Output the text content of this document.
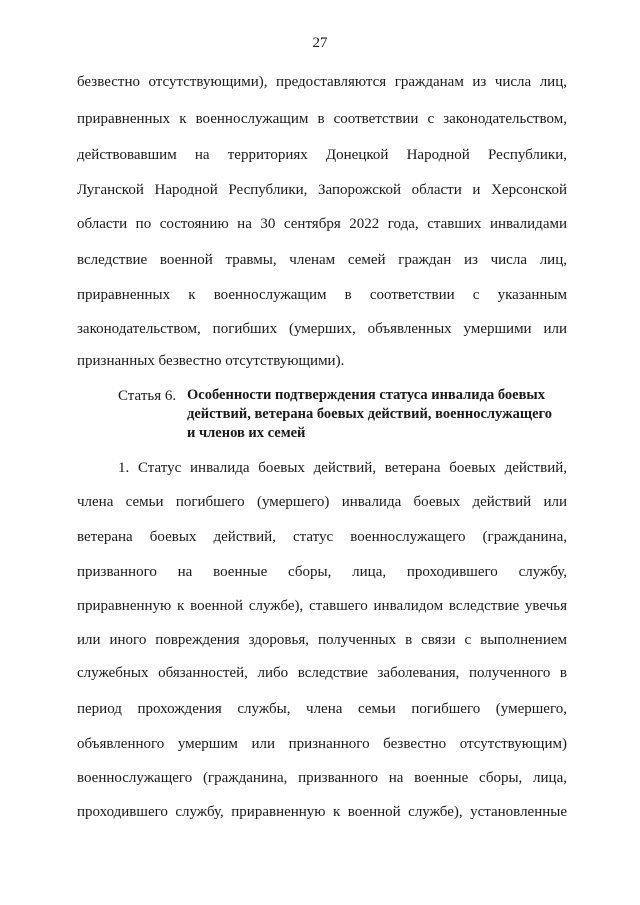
27
безвестно отсутствующими), предоставляются гражданам из числа лиц,
приравненных к военнослужащим в соответствии с законодательством,
действовавшим на территориях Донецкой Народной Республики,
Луганской Народной Республики, Запорожской области и Херсонской
области по состоянию на 30 сентября 2022 года, ставших инвалидами
вследствие военной травмы, членам семей граждан из числа лиц,
приравненных к военнослужащим в соответствии с указанным
законодательством, погибших (умерших, объявленных умершими или
признанных безвестно отсутствующими).
Статья 6. Особенности подтверждения статуса инвалида боевых
действий, ветерана боевых действий, военнослужащего
и членов их семей
1. Статус инвалида боевых действий, ветерана боевых действий,
члена семьи погибшего (умершего) инвалида боевых действий или
ветерана боевых действий, статус военнослужащего (гражданина,
призванного на военные сборы, лица, проходившего службу,
приравненную к военной службе), ставшего инвалидом вследствие увечья
или иного повреждения здоровья, полученных в связи с выполнением
служебных обязанностей, либо вследствие заболевания, полученного в
период прохождения службы, члена семьи погибшего (умершего,
объявленного умершим или признанного безвестно отсутствующим)
военнослужащего (гражданина, призванного на военные сборы, лица,
проходившего службу, приравненную к военной службе), установленные
